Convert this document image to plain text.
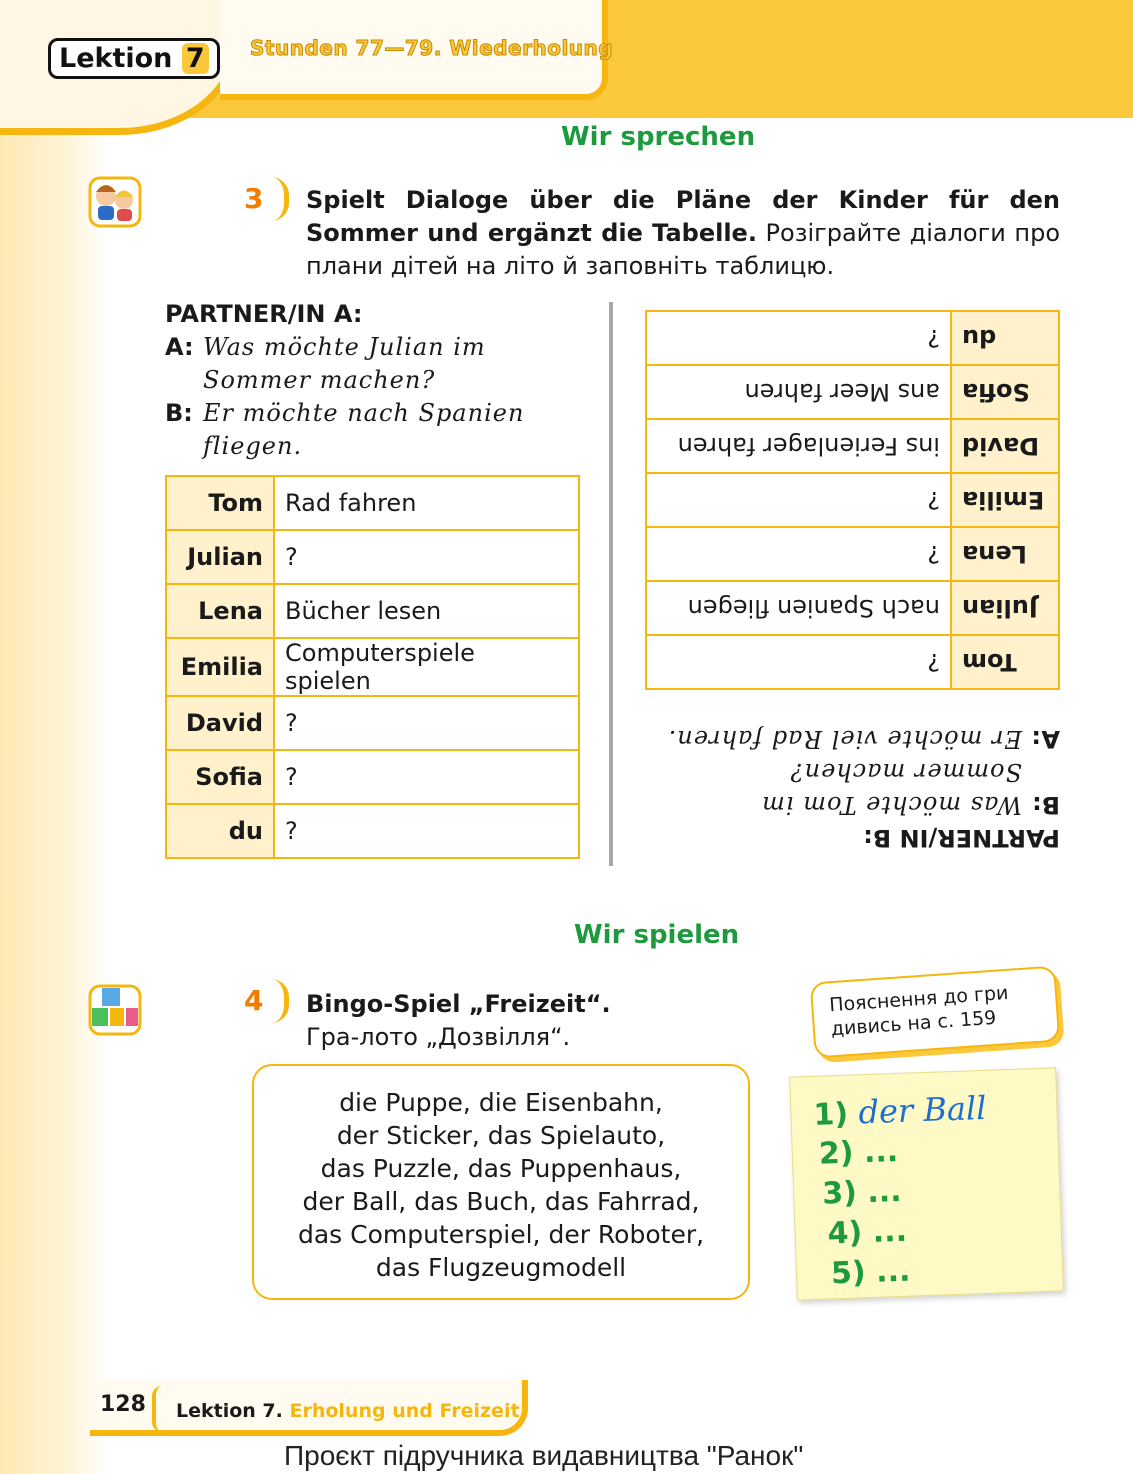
Lektion 7	Stunden 77—79. Wiederholung
Wir sprechen
3 Spielt Dialoge über die Pläne der Kinder für den Sommer und ergänzt die Tabelle. Розіграйте діалоги про плани дітей на літо й заповніть таблицю.
PARTNER/IN A:
A: Was möchte Julian im Sommer machen?
B: Er möchte nach Spanien fliegen.
Tom	Rad fahren
Julian	?
Lena	Bücher lesen
Emilia	Computerspiele spielen
David	?
Sofia	?
du	?	PARTNER/IN B:
B:
Was möchte Tom im Sommer machen?
A:
Er möchte viel Rad fahren.
Tom	?
Julian	nach Spanien fliegen
Lena	?
Emilia	?
David	ins Ferienlager fahren
Sofia	ans Meer fahren
du	?
Wir spielen
4 Bingo-Spiel „Freizeit“.
Гра-лото „Дозвілля“.
die Puppe, die Eisenbahn,
der Sticker, das Spielauto,
das Puzzle, das Puppenhaus,
der Ball, das Buch, das Fahrrad,
das Computerspiel, der Roboter,
das Flugzeugmodell
Пояснення до гри дивись на с. 159
1) der Ball
2) ...
3) ...
4) ...
5) ...
128 Lektion 7. Erholung und Freizeit
Проєкт підручника видавництва "Ранок"
